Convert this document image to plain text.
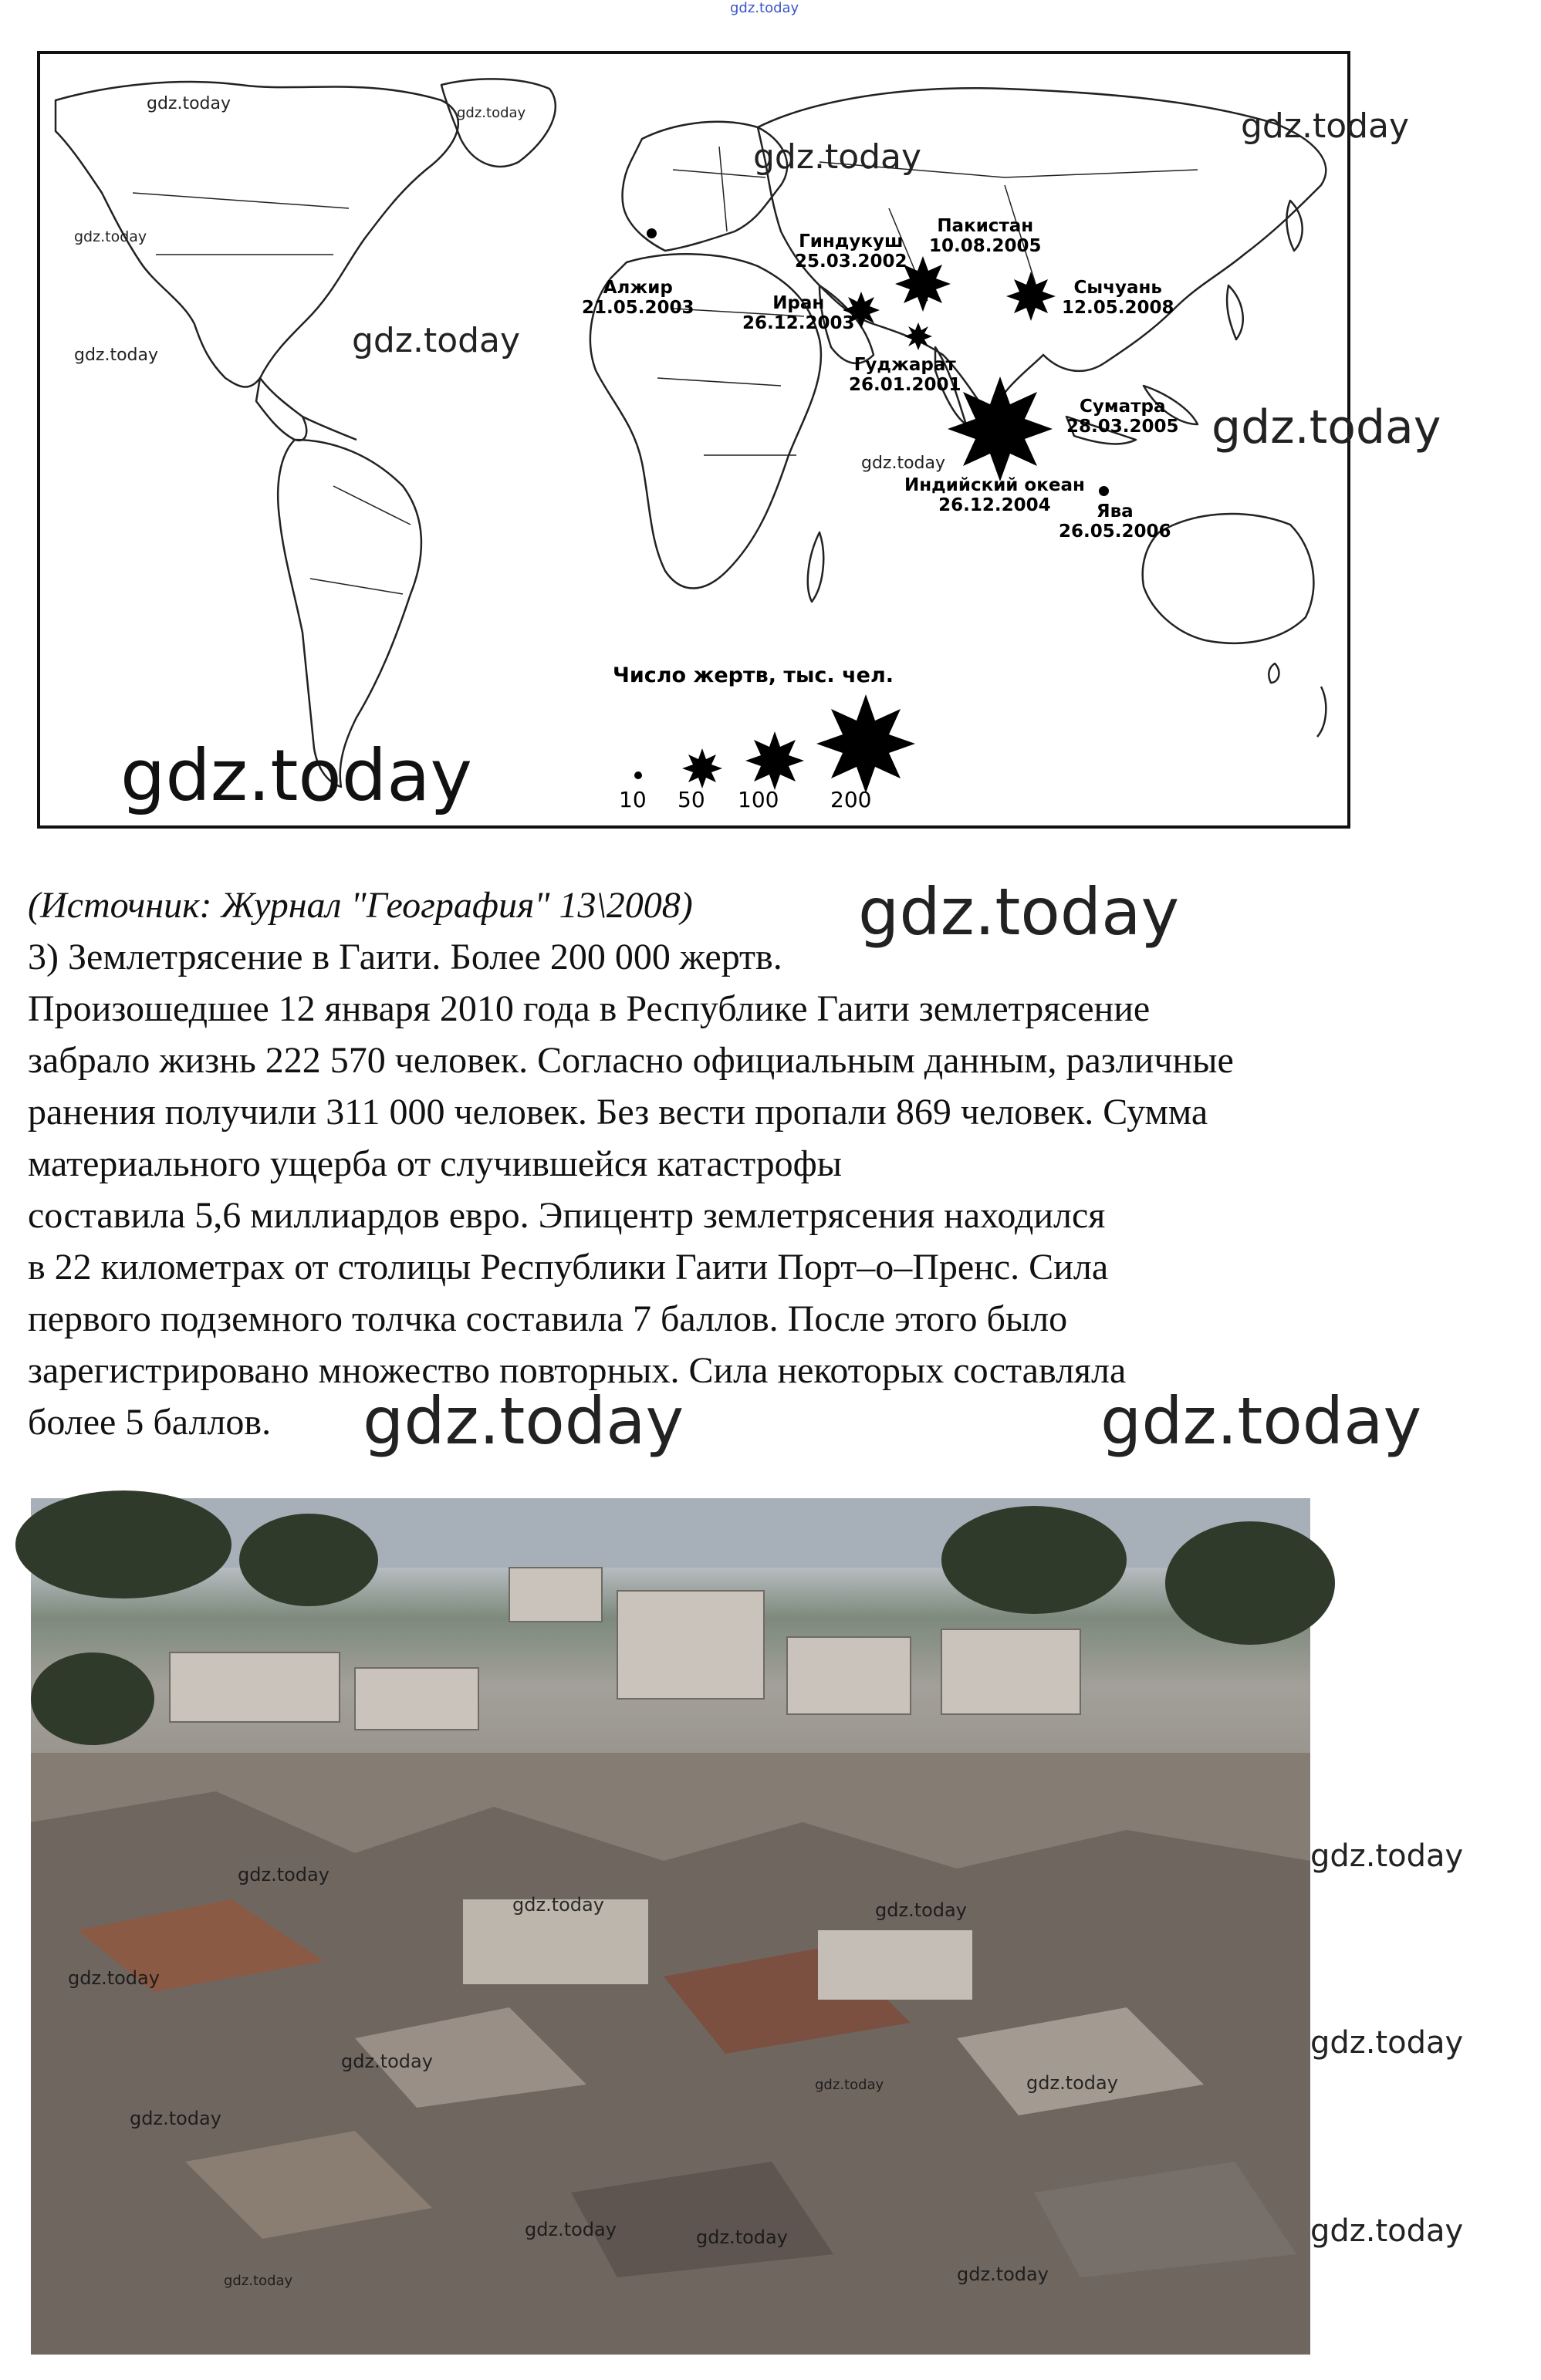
gdz.today
gdz.today	gdz.today
gdz.today
gdz.today
gdz.today
gdz.today	gdz.today
gdz.today
gdz.today
gdz.today
Алжир
21.05.2003
Гиндукуш
25.03.2002
Пакистан
10.08.2005
Иран
26.12.2003
Сычуань
12.05.2008
Гуджарат
26.01.2001
Индийский океан
26.12.2004
Суматра
28.03.2005
Ява
26.05.2006
Число жертв, тыс. чел.
10 50 100 200
(Источник: Журнал "География" 13\2008)
3) Землетрясение в Гаити. Более 200 000 жертв.
Произошедшее 12 января 2010 года в Республике Гаити землетрясение
забрало жизнь 222 570 человек. Согласно официальным данным, различные
ранения получили 311 000 человек. Без вести пропали 869 человек. Сумма
материального ущерба от случившейся катастрофы
составила 5,6 миллиардов евро. Эпицентр землетрясения находился
в 22 километрах от столицы Республики Гаити Порт–о–Пренс. Сила
первого подземного толчка составила 7 баллов. После этого было
зарегистрировано множество повторных. Сила некоторых составляла
более 5 баллов.
gdz.today
gdz.today	gdz.today
gdz.today
gdz.today	gdz.today
gdz.today
gdz.today
gdz.today	gdz.today
gdz.today
gdz.today	gdz.today
gdz.today
gdz.today
gdz.today
gdz.today
gdz.today
